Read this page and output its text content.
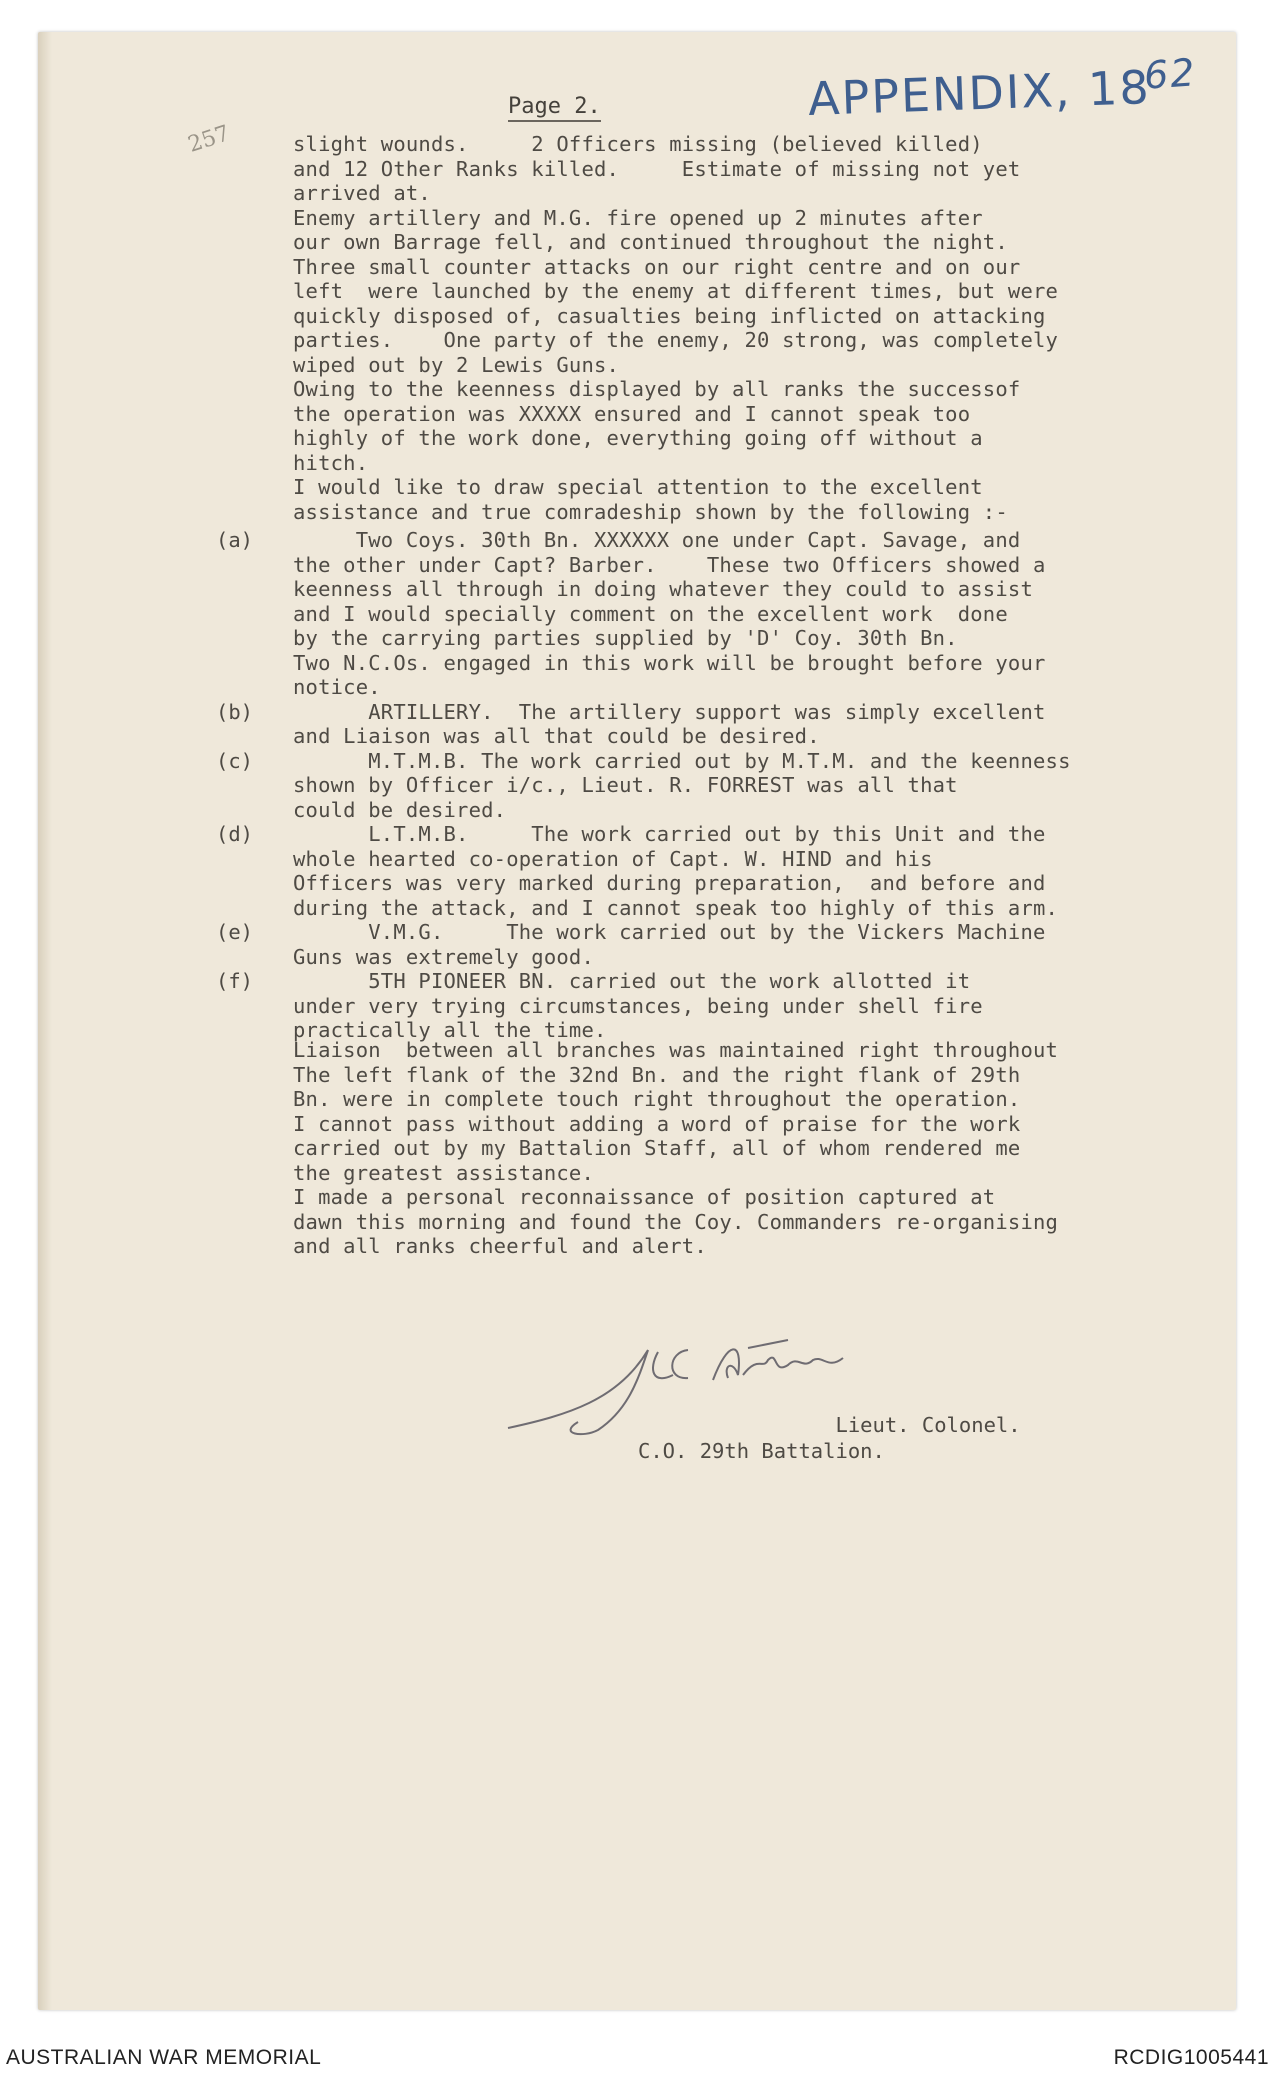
APPENDIX, 18
62
257
Page 2.
slight wounds.     2 Officers missing (believed killed)
and 12 Other Ranks killed.     Estimate of missing not yet
arrived at.
Enemy artillery and M.G. fire opened up 2 minutes after
our own Barrage fell, and continued throughout the night.
Three small counter attacks on our right centre and on our
left  were launched by the enemy at different times, but were
quickly disposed of, casualties being inflicted on attacking
parties.    One party of the enemy, 20 strong, was completely
wiped out by 2 Lewis Guns.
Owing to the keenness displayed by all ranks the successof
the operation was XXXXX ensured and I cannot speak too
highly of the work done, everything going off without a
hitch.
I would like to draw special attention to the excellent
assistance and true comradeship shown by the following :-
(a)
(b)
(c)
(d)
(e)
(f)
Two Coys. 30th Bn. XXXXXX one under Capt. Savage, and
the other under Capt? Barber.    These two Officers showed a
keenness all through in doing whatever they could to assist
and I would specially comment on the excellent work  done
by the carrying parties supplied by 'D' Coy. 30th Bn.
Two N.C.Os. engaged in this work will be brought before your
notice.
ARTILLERY.  The artillery support was simply excellent
and Liaison was all that could be desired.
M.T.M.B. The work carried out by M.T.M. and the keenness
shown by Officer i/c., Lieut. R. FORREST was all that
could be desired.
L.T.M.B.     The work carried out by this Unit and the
whole hearted co-operation of Capt. W. HIND and his
Officers was very marked during preparation,  and before and
during the attack, and I cannot speak too highly of this arm.
V.M.G.     The work carried out by the Vickers Machine
Guns was extremely good.
5TH PIONEER BN. carried out the work allotted it
under very trying circumstances, being under shell fire
practically all the time.
Liaison  between all branches was maintained right throughout
The left flank of the 32nd Bn. and the right flank of 29th
Bn. were in complete touch right throughout the operation.
I cannot pass without adding a word of praise for the work
carried out by my Battalion Staff, all of whom rendered me
the greatest assistance.
I made a personal reconnaissance of position captured at
dawn this morning and found the Coy. Commanders re-organising
and all ranks cheerful and alert.
Lieut. Colonel.
C.O. 29th Battalion.
AUSTRALIAN WAR MEMORIAL	RCDIG1005441
